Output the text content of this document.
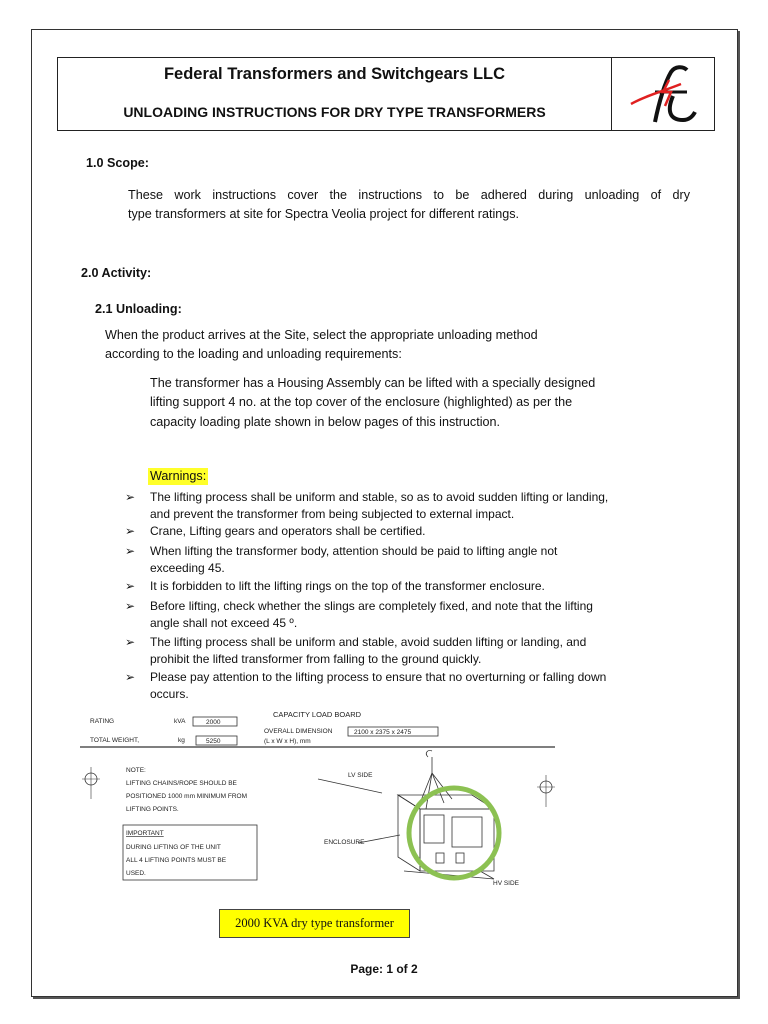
Federal Transformers and Switchgears LLC
UNLOADING INSTRUCTIONS FOR DRY TYPE TRANSFORMERS
1.0 Scope:
These work instructions cover the instructions to be adhered during unloading of dry
type transformers at site for Spectra Veolia project for different ratings.
2.0 Activity:
2.1 Unloading:
When the product arrives at the Site, select the appropriate unloading method
according to the loading and unloading requirements:
The transformer has a Housing Assembly can be lifted with a specially designed
lifting support 4 no. at the top cover of the enclosure (highlighted) as per the
capacity loading plate shown in below pages of this instruction.
Warnings:
➢ The lifting process shall be uniform and stable, so as to avoid sudden lifting or landing,
and prevent the transformer from being subjected to external impact.
➢ Crane, Lifting gears and operators shall be certified.
➢ When lifting the transformer body, attention should be paid to lifting angle not
exceeding 45.
➢ It is forbidden to lift the lifting rings on the top of the transformer enclosure.
➢ Before lifting, check whether the slings are completely fixed, and note that the lifting
angle shall not exceed 45 º.
➢ The lifting process shall be uniform and stable, avoid sudden lifting or landing, and
prohibit the lifted transformer from falling to the ground quickly.
➢ Please pay attention to the lifting process to ensure that no overturning or falling down
occurs.
CAPACITY LOAD BOARD
RATING	kVA	2000
TOTAL WEIGHT,	kg	5250
OVERALL DIMENSION
(L x W x H), mm
2100 x 2375 x 2475
NOTE:
LIFTING CHAINS/ROPE SHOULD BE
POSITIONED 1000 mm MINIMUM FROM
LIFTING POINTS.
IMPORTANT
DURING LIFTING OF THE UNIT
ALL 4 LIFTING POINTS MUST BE
USED.
LV SIDE
ENCLOSURE
HV SIDE
2000 KVA dry type transformer
Page: 1 of 2
